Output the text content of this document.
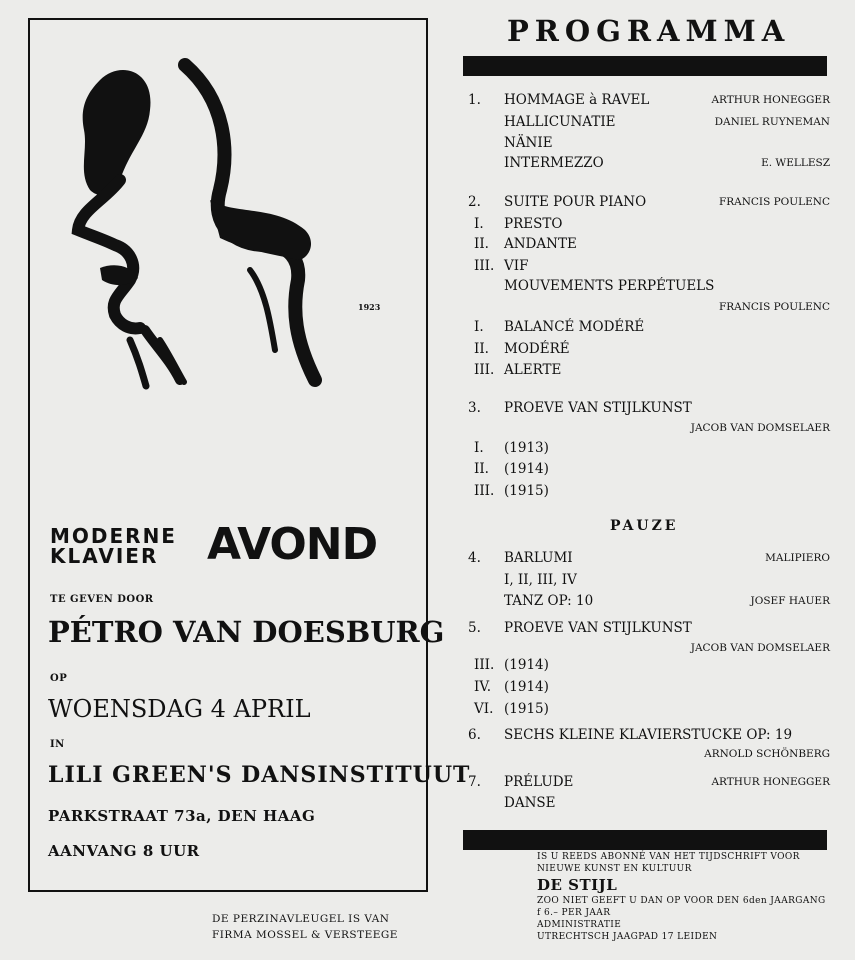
1923
MODERNE
KLAVIER	AVOND
TE GEVEN DOOR
PÉTRO VAN DOESBURG
OP
WOENSDAG 4 APRIL
IN
LILI GREEN'S DANSINSTITUUT
PARKSTRAAT 73a, DEN HAAG
AANVANG 8 UUR
DE PERZINAVLEUGEL IS VAN
FIRMA MOSSEL & VERSTEEGE
PROGRAMMA
1. HOMMAGE à RAVEL	ARTHUR HONEGGER
HALLICUNATIE	DANIEL RUYNEMAN
NÄNIE
INTERMEZZO	E. WELLESZ
2. SUITE POUR PIANO	FRANCIS POULENC
I. PRESTO
II. ANDANTE
III. VIF
MOUVEMENTS PERPÉTUELS
FRANCIS POULENC
I. BALANCÉ MODÉRÉ
II. MODÉRÉ
III. ALERTE
3. PROEVE VAN STIJLKUNST
JACOB VAN DOMSELAER
I. (1913)
II. (1914)
III. (1915)
4. BARLUMI	MALIPIERO
I, II, III, IV
TANZ OP: 10	JOSEF HAUER
5. PROEVE VAN STIJLKUNST
JACOB VAN DOMSELAER
III. (1914)
IV. (1914)
VI. (1915)
6. SECHS KLEINE KLAVIERSTUCKE OP: 19
ARNOLD SCHÖNBERG
7. PRÉLUDE	ARTHUR HONEGGER
DANSE
PAUZE
IS U REEDS ABONNÉ VAN HET TIJDSCHRIFT VOOR
NIEUWE KUNST EN KULTUUR
DE STIJL
ZOO NIET GEEFT U DAN OP VOOR DEN 6den JAARGANG
f 6.– PER JAAR
ADMINISTRATIE
UTRECHTSCH JAAGPAD 17 LEIDEN
